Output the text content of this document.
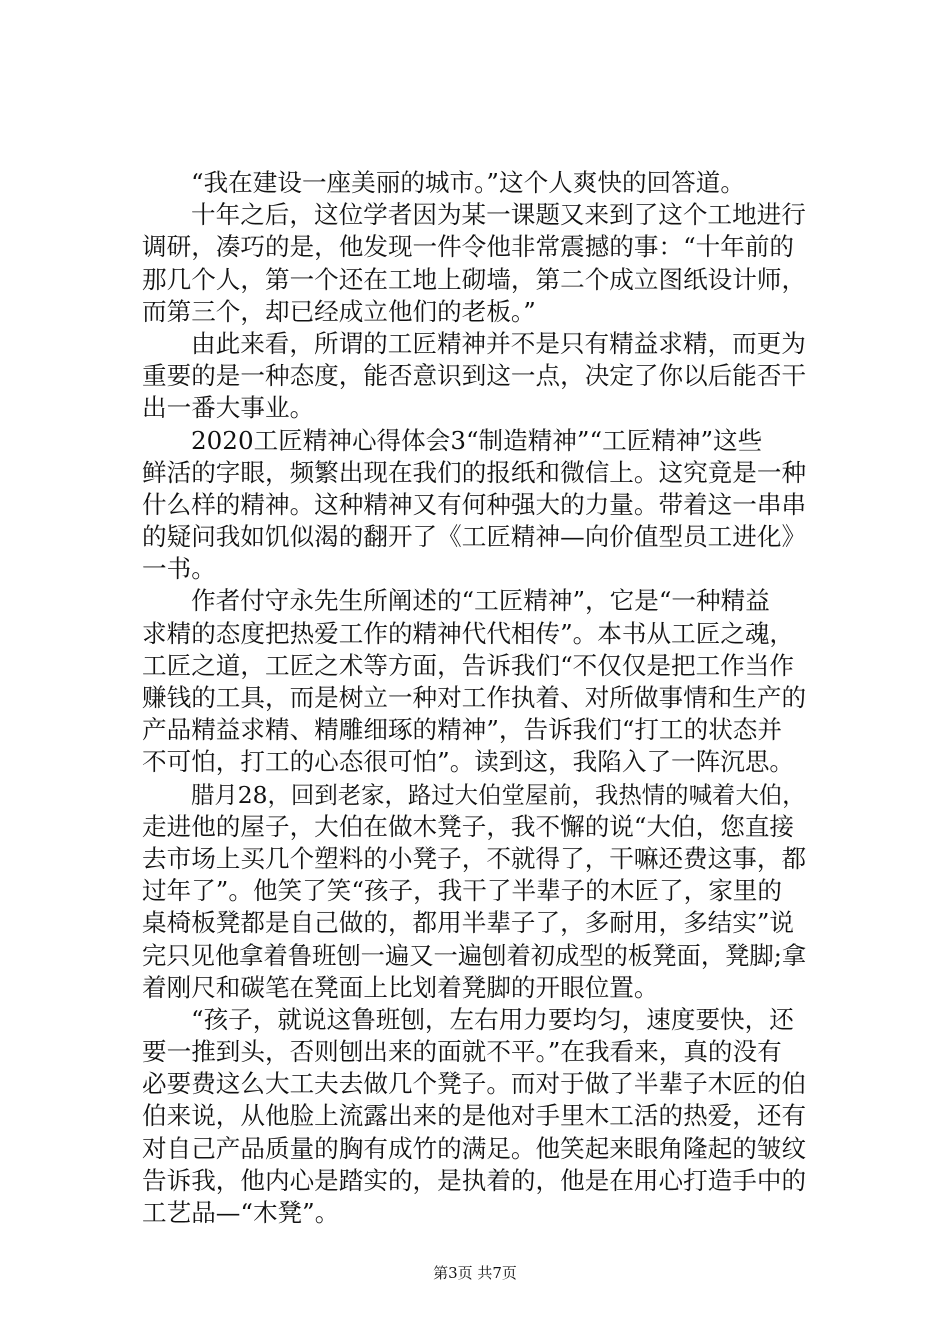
“我在建设一座美丽的城市。”这个人爽快的回答道。
十年之后，这位学者因为某一课题又来到了这个工地进行
调研，凑巧的是，他发现一件令他非常震撼的事：“十年前的
那几个人，第一个还在工地上砌墙，第二个成立图纸设计师，
而第三个，却已经成立他们的老板。”
由此来看，所谓的工匠精神并不是只有精益求精，而更为
重要的是一种态度，能否意识到这一点，决定了你以后能否干
出一番大事业。
2020工匠精神心得体会3“制造精神”“工匠精神”这些
鲜活的字眼，频繁出现在我们的报纸和微信上。这究竟是一种
什么样的精神。这种精神又有何种强大的力量。带着这一串串
的疑问我如饥似渴的翻开了《工匠精神—向价值型员工进化》
一书。
作者付守永先生所阐述的“工匠精神”，它是“一种精益
求精的态度把热爱工作的精神代代相传”。本书从工匠之魂，
工匠之道，工匠之术等方面，告诉我们“不仅仅是把工作当作
赚钱的工具，而是树立一种对工作执着、对所做事情和生产的
产品精益求精、精雕细琢的精神”，告诉我们“打工的状态并
不可怕，打工的心态很可怕”。读到这，我陷入了一阵沉思。
腊月28，回到老家，路过大伯堂屋前，我热情的喊着大伯，
走进他的屋子，大伯在做木凳子，我不懈的说“大伯，您直接
去市场上买几个塑料的小凳子，不就得了，干嘛还费这事，都
过年了”。他笑了笑“孩子，我干了半辈子的木匠了，家里的
桌椅板凳都是自己做的，都用半辈子了，多耐用，多结实”说
完只见他拿着鲁班刨一遍又一遍刨着初成型的板凳面，凳脚;拿
着刚尺和碳笔在凳面上比划着凳脚的开眼位置。
“孩子，就说这鲁班刨，左右用力要均匀，速度要快，还
要一推到头，否则刨出来的面就不平。”在我看来，真的没有
必要费这么大工夫去做几个凳子。而对于做了半辈子木匠的伯
伯来说，从他脸上流露出来的是他对手里木工活的热爱，还有
对自己产品质量的胸有成竹的满足。他笑起来眼角隆起的皱纹
告诉我，他内心是踏实的，是执着的，他是在用心打造手中的
工艺品—“木凳”。
第3页 共7页
